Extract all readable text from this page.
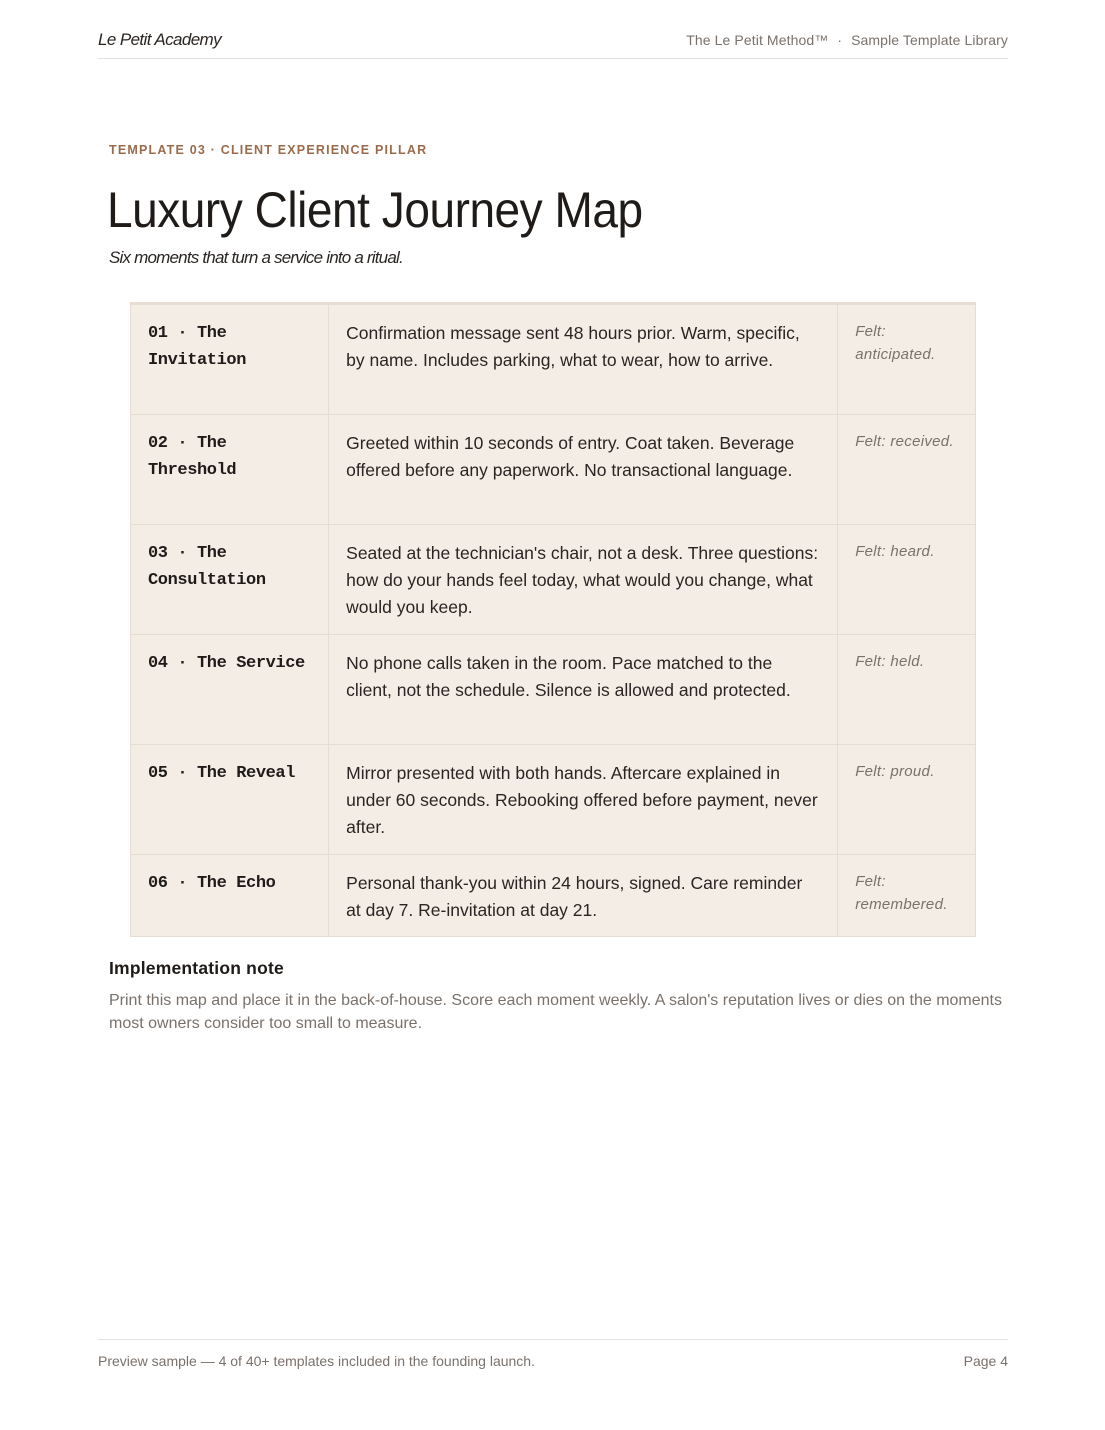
Le Petit Academy	The Le Petit Method™ · Sample Template Library
TEMPLATE 03 · CLIENT EXPERIENCE PILLAR
Luxury Client Journey Map
Six moments that turn a service into a ritual.
01 · The Invitation	Confirmation message sent 48 hours prior. Warm, specific, by name. Includes parking, what to wear, how to arrive.	Felt: anticipated.

02 · The Threshold	Greeted within 10 seconds of entry. Coat taken. Beverage offered before any paperwork. No transactional language.	Felt: received.

03 · The Consultation	Seated at the technician's chair, not a desk. Three questions: how do your hands feel today, what would you change, what would you keep.	Felt: heard.

04 · The Service	No phone calls taken in the room. Pace matched to the client, not the schedule. Silence is allowed and protected.	Felt: held.

05 · The Reveal	Mirror presented with both hands. Aftercare explained in under 60 seconds. Rebooking offered before payment, never after.	Felt: proud.

06 · The Echo	Personal thank-you within 24 hours, signed. Care reminder at day 7. Re-invitation at day 21.	Felt: remembered.
Implementation note
Print this map and place it in the back-of-house. Score each moment weekly. A salon's reputation lives or dies on the moments most owners consider too small to measure.
Preview sample — 4 of 40+ templates included in the founding launch.	Page 4
